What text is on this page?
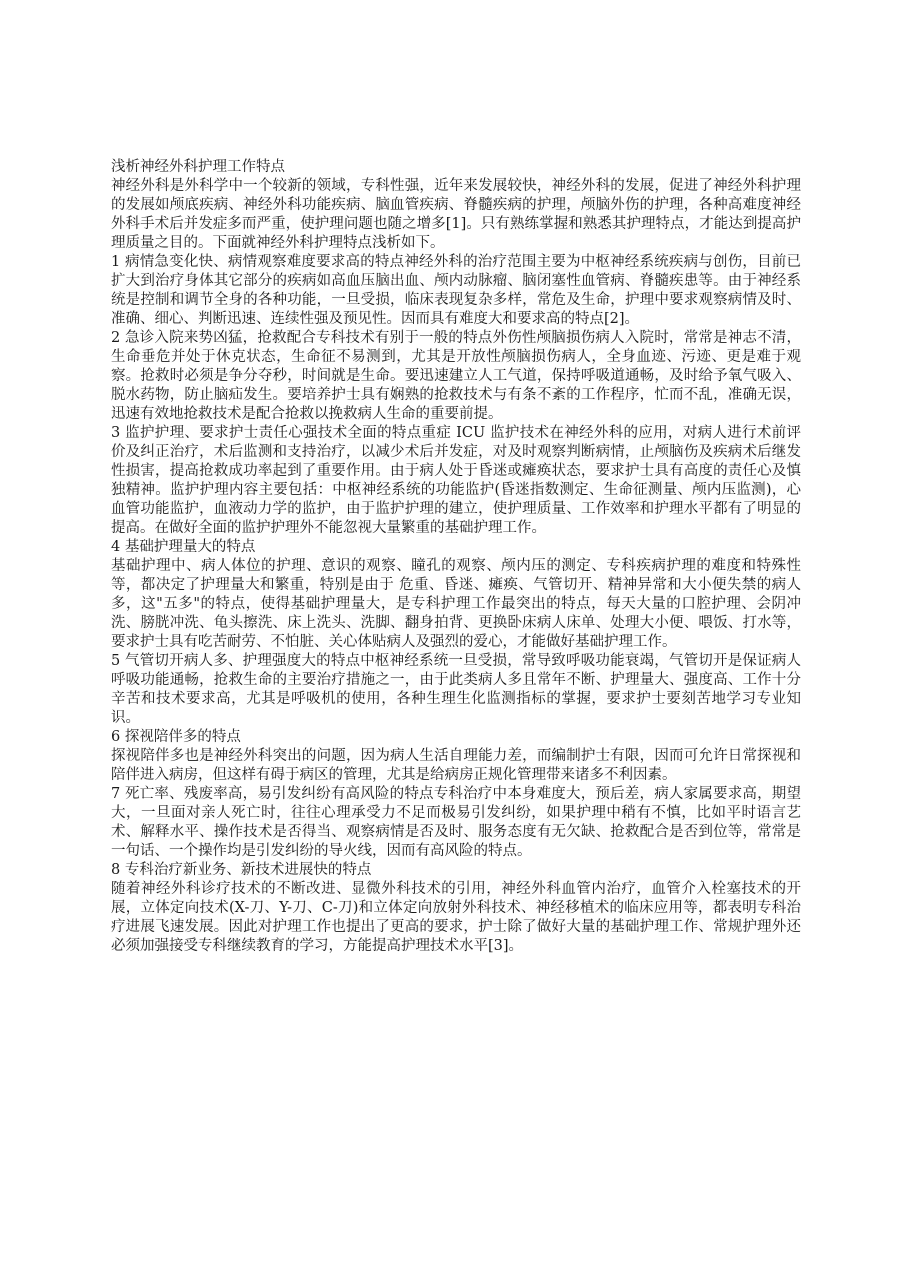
浅析神经外科护理工作特点

神经外科是外科学中一个较新的领域，专科性强，近年来发展较快，神经外科的发展，促进了神经外科护理的发展如颅底疾病、神经外科功能疾病、脑血管疾病、脊髓疾病的护理，颅脑外伤的护理，各种高难度神经外科手术后并发症多而严重，使护理问题也随之增多[1]。只有熟练掌握和熟悉其护理特点，才能达到提高护理质量之目的。下面就神经外科护理特点浅析如下。

1 病情急变化快、病情观察难度要求高的特点神经外科的治疗范围主要为中枢神经系统疾病与创伤，目前已扩大到治疗身体其它部分的疾病如高血压脑出血、颅内动脉瘤、脑闭塞性血管病、脊髓疾患等。由于神经系统是控制和调节全身的各种功能，一旦受损，临床表现复杂多样，常危及生命，护理中要求观察病情及时、准确、细心、判断迅速、连续性强及预见性。因而具有难度大和要求高的特点[2]。

2 急诊入院来势凶猛，抢救配合专科技术有别于一般的特点外伤性颅脑损伤病人入院时，常常是神志不清，生命垂危并处于休克状态，生命征不易测到，尤其是开放性颅脑损伤病人，全身血迹、污迹、更是难于观察。抢救时必须是争分夺秒，时间就是生命。要迅速建立人工气道，保持呼吸道通畅，及时给予氧气吸入、脱水药物，防止脑疝发生。要培养护士具有娴熟的抢救技术与有条不紊的工作程序，忙而不乱，准确无误，迅速有效地抢救技术是配合抢救以挽救病人生命的重要前提。

3 监护护理、要求护士责任心强技术全面的特点重症 ICU 监护技术在神经外科的应用，对病人进行术前评价及纠正治疗，术后监测和支持治疗，以减少术后并发症，对及时观察判断病情，止颅脑伤及疾病术后继发性损害，提高抢救成功率起到了重要作用。由于病人处于昏迷或瘫痪状态，要求护士具有高度的责任心及慎独精神。监护护理内容主要包括：中枢神经系统的功能监护(昏迷指数测定、生命征测量、颅内压监测)，心血管功能监护，血液动力学的监护，由于监护护理的建立，使护理质量、工作效率和护理水平都有了明显的提高。在做好全面的监护护理外不能忽视大量繁重的基础护理工作。

4 基础护理量大的特点

基础护理中、病人体位的护理、意识的观察、瞳孔的观察、颅内压的测定、专科疾病护理的难度和特殊性等，都决定了护理量大和繁重，特别是由于 危重、昏迷、瘫痪、气管切开、精神异常和大小便失禁的病人多，这"五多"的特点，使得基础护理量大，是专科护理工作最突出的特点，每天大量的口腔护理、会阴冲洗、膀胱冲洗、龟头擦洗、床上洗头、洗脚、翻身拍背、更换卧床病人床单、处理大小便、喂饭、打水等，要求护士具有吃苦耐劳、不怕脏、关心体贴病人及强烈的爱心，才能做好基础护理工作。

5 气管切开病人多、护理强度大的特点中枢神经系统一旦受损，常导致呼吸功能衰竭，气管切开是保证病人呼吸功能通畅，抢救生命的主要治疗措施之一，由于此类病人多且常年不断、护理量大、强度高、工作十分辛苦和技术要求高，尤其是呼吸机的使用，各种生理生化监测指标的掌握，要求护士要刻苦地学习专业知识。

6 探视陪伴多的特点

探视陪伴多也是神经外科突出的问题，因为病人生活自理能力差，而编制护士有限，因而可允许日常探视和陪伴进入病房，但这样有碍于病区的管理，尤其是给病房正规化管理带来诸多不利因素。

7 死亡率、残废率高，易引发纠纷有高风险的特点专科治疗中本身难度大，预后差，病人家属要求高，期望大，一旦面对亲人死亡时，往往心理承受力不足而极易引发纠纷，如果护理中稍有不慎，比如平时语言艺术、解释水平、操作技术是否得当、观察病情是否及时、服务态度有无欠缺、抢救配合是否到位等，常常是一句话、一个操作均是引发纠纷的导火线，因而有高风险的特点。

8 专科治疗新业务、新技术进展快的特点

随着神经外科诊疗技术的不断改进、显微外科技术的引用，神经外科血管内治疗，血管介入栓塞技术的开展，立体定向技术(X-刀、Y-刀、C-刀)和立体定向放射外科技术、神经移植术的临床应用等，都表明专科治疗进展飞速发展。因此对护理工作也提出了更高的要求，护士除了做好大量的基础护理工作、常规护理外还必须加强接受专科继续教育的学习，方能提高护理技术水平[3]。
